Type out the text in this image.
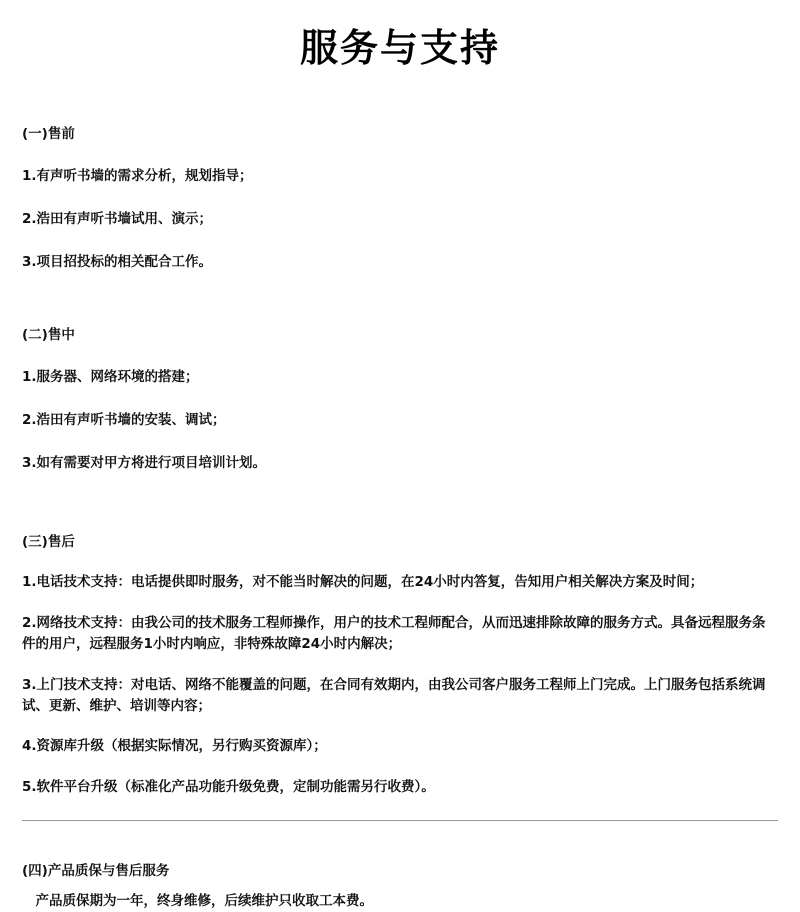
服务与支持
(一)售前
1.有声听书墙的需求分析，规划指导；
2.浩田有声听书墙试用、演示；
3.项目招投标的相关配合工作。
(二)售中
1.服务器、网络环境的搭建；
2.浩田有声听书墙的安装、调试；
3.如有需要对甲方将进行项目培训计划。
(三)售后
1.电话技术支持：电话提供即时服务，对不能当时解决的问题，在24小时内答复，告知用户相关解决方案及时间；
2.网络技术支持：由我公司的技术服务工程师操作，用户的技术工程师配合，从而迅速排除故障的服务方式。具备远程服务条件的用户，远程服务1小时内响应，非特殊故障24小时内解决；
3.上门技术支持：对电话、网络不能覆盖的问题，在合同有效期内，由我公司客户服务工程师上门完成。上门服务包括系统调试、更新、维护、培训等内容；
4.资源库升级（根据实际情况，另行购买资源库）；
5.软件平台升级（标准化产品功能升级免费，定制功能需另行收费）。
(四)产品质保与售后服务
产品质保期为一年，终身维修，后续维护只收取工本费。
